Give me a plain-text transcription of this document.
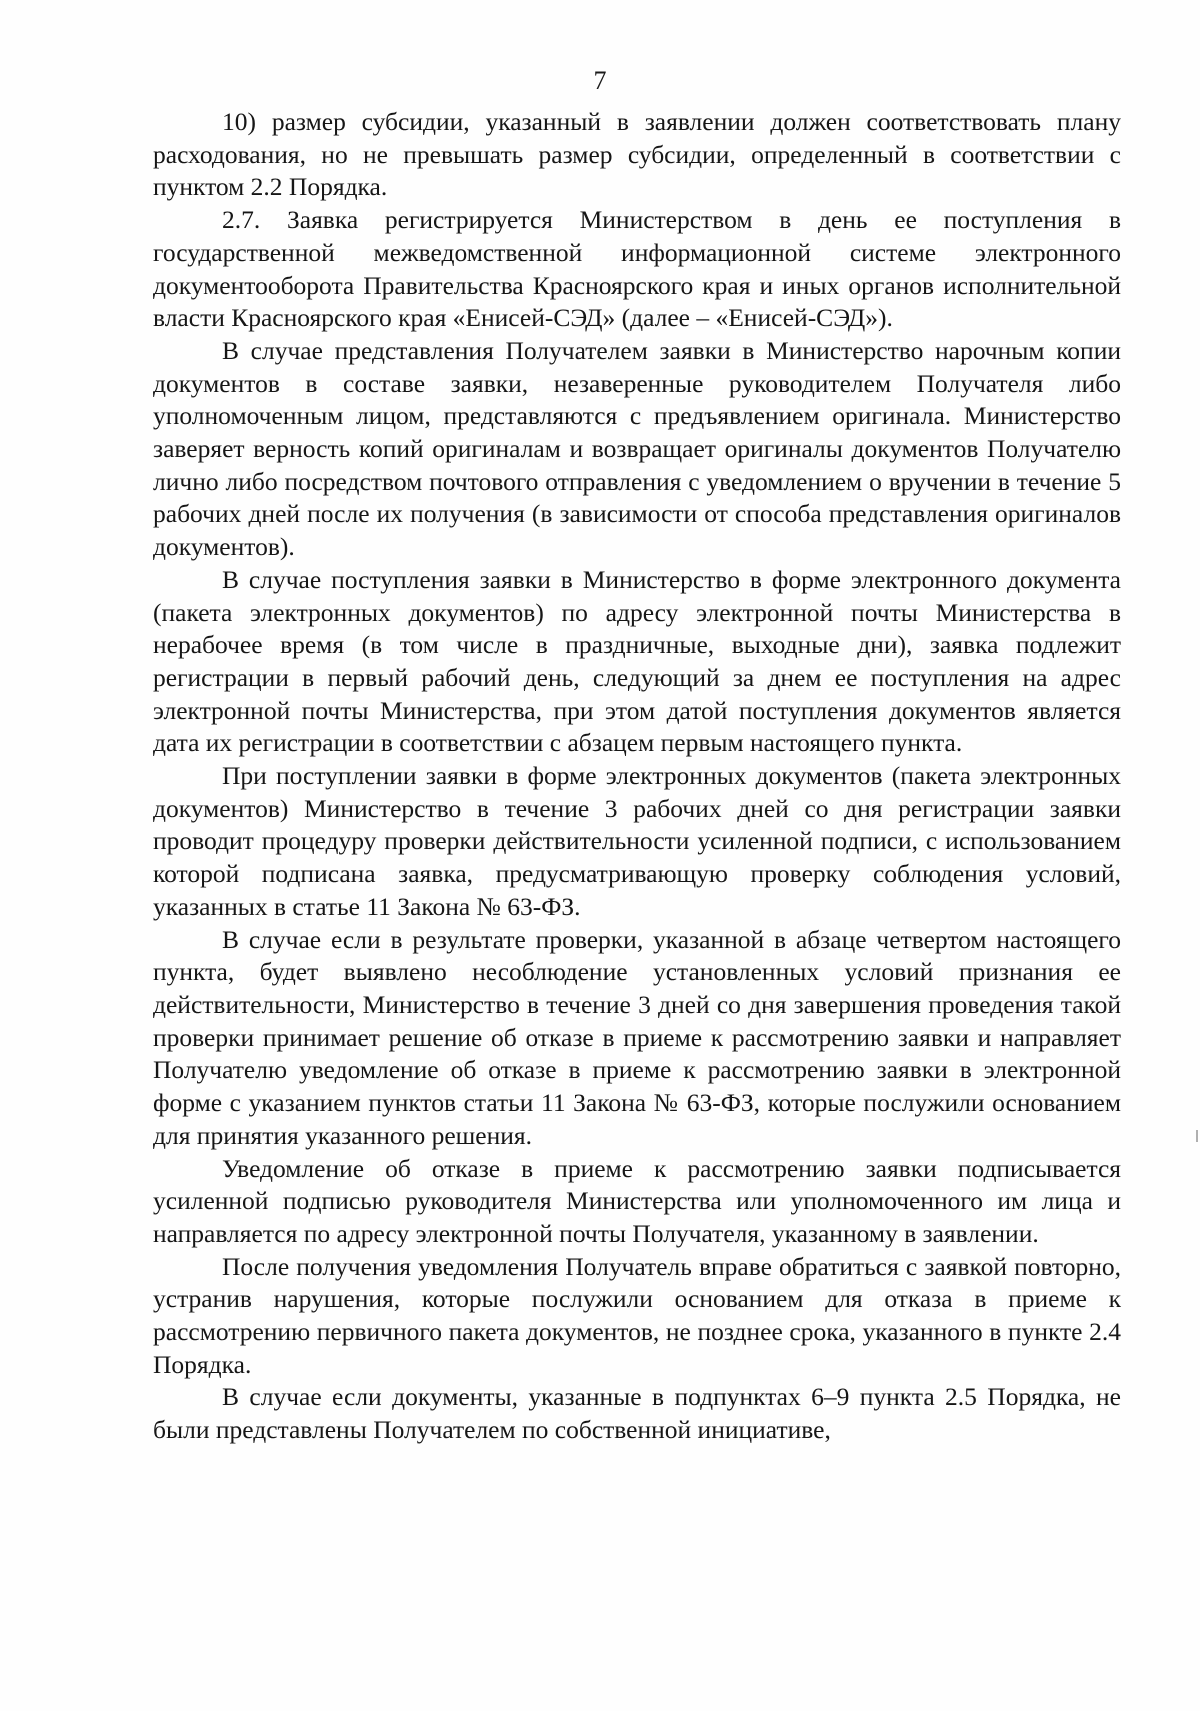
7

10) размер субсидии, указанный в заявлении должен соответствовать плану расходования, но не превышать размер субсидии, определенный в соответствии с пунктом 2.2 Порядка.

2.7. Заявка регистрируется Министерством в день ее поступления в государственной межведомственной информационной системе электронного документооборота Правительства Красноярского края и иных органов исполнительной власти Красноярского края «Енисей-СЭД» (далее – «Енисей-СЭД»).

В случае представления Получателем заявки в Министерство нарочным копии документов в составе заявки, незаверенные руководителем Получателя либо уполномоченным лицом, представляются с предъявлением оригинала. Министерство заверяет верность копий оригиналам и возвращает оригиналы документов Получателю лично либо посредством почтового отправления с уведомлением о вручении в течение 5 рабочих дней после их получения (в зависимости от способа представления оригиналов документов).

В случае поступления заявки в Министерство в форме электронного документа (пакета электронных документов) по адресу электронной почты Министерства в нерабочее время (в том числе в праздничные, выходные дни), заявка подлежит регистрации в первый рабочий день, следующий за днем ее поступления на адрес электронной почты Министерства, при этом датой поступления документов является дата их регистрации в соответствии с абзацем первым настоящего пункта.

При поступлении заявки в форме электронных документов (пакета электронных документов) Министерство в течение 3 рабочих дней со дня регистрации заявки проводит процедуру проверки действительности усиленной подписи, с использованием которой подписана заявка, предусматривающую проверку соблюдения условий, указанных в статье 11 Закона № 63-ФЗ.

В случае если в результате проверки, указанной в абзаце четвертом настоящего пункта, будет выявлено несоблюдение установленных условий признания ее действительности, Министерство в течение 3 дней со дня завершения проведения такой проверки принимает решение об отказе в приеме к рассмотрению заявки и направляет Получателю уведомление об отказе в приеме к рассмотрению заявки в электронной форме с указанием пунктов статьи 11 Закона № 63-ФЗ, которые послужили основанием для принятия указанного решения.

Уведомление об отказе в приеме к рассмотрению заявки подписывается усиленной подписью руководителя Министерства или уполномоченного им лица и направляется по адресу электронной почты Получателя, указанному в заявлении.

После получения уведомления Получатель вправе обратиться с заявкой повторно, устранив нарушения, которые послужили основанием для отказа в приеме к рассмотрению первичного пакета документов, не позднее срока, указанного в пункте 2.4 Порядка.

В случае если документы, указанные в подпунктах 6–9 пункта 2.5 Порядка, не были представлены Получателем по собственной инициативе,
